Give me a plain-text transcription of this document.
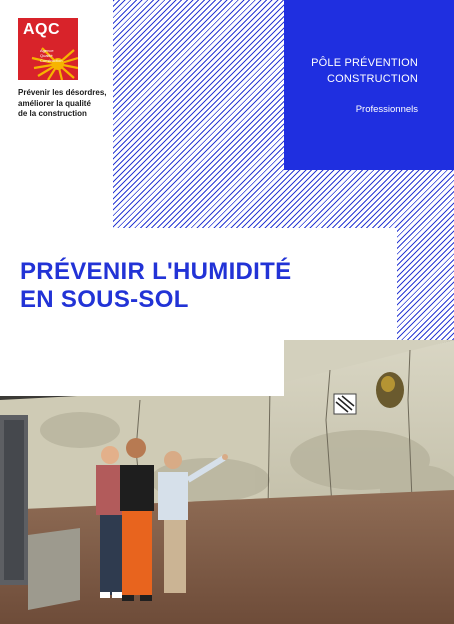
PÔLE PRÉVENTION
CONSTRUCTION
Professionnels
AQC
Agence
Qualité
Construction
Prévenir les désordres,
améliorer la qualité
de la construction
PRÉVENIR L'HUMIDITÉ
EN SOUS-SOL
